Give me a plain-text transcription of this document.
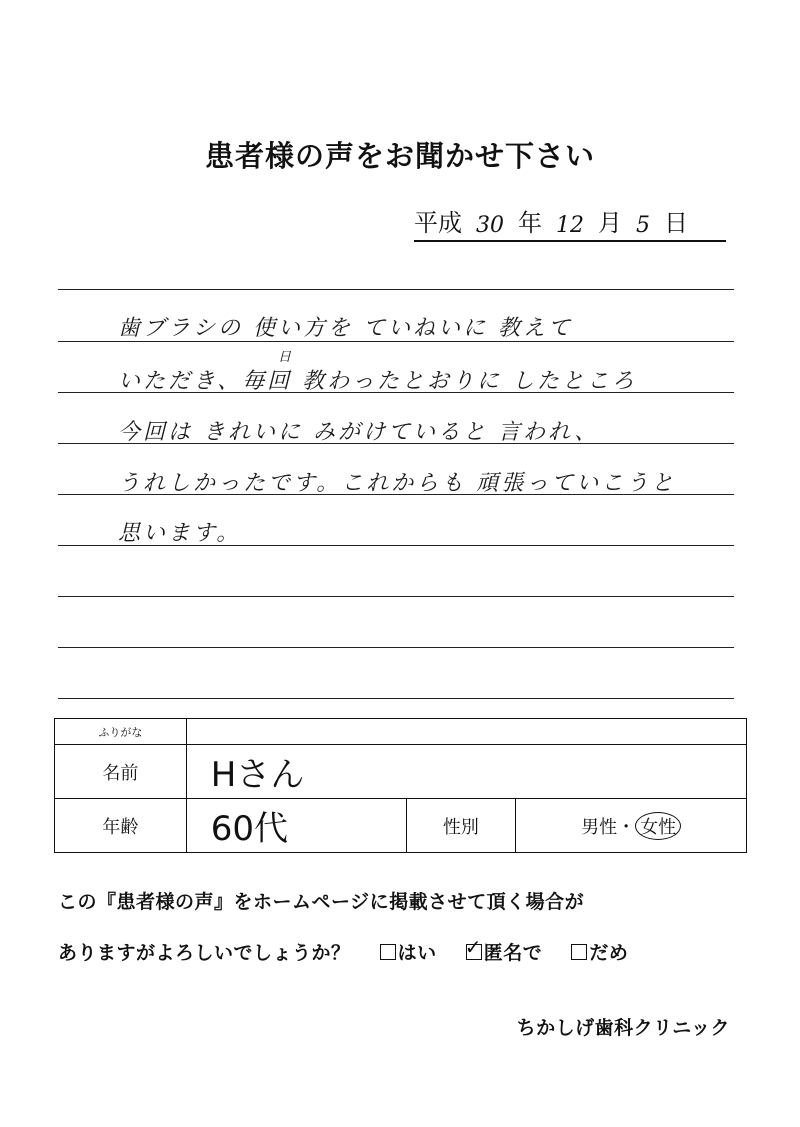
患者様の声をお聞かせ下さい
平成 30 年 12 月 5 日
歯ブラシの 使い方を ていねいに 教えて
日
いただき、毎回 教わったとおりに したところ
今回は きれいに みがけていると 言われ、
うれしかったです。これからも 頑張っていこうと
思います。
ふりがな			
名前	Hさん		
年齢	60代	性別	男性・ 女性
この『患者様の声』をホームページに掲載させて頂く場合が
ありますがよろしいでしょうか？ はい ✓ 匿名で だめ
ちかしげ歯科クリニック
